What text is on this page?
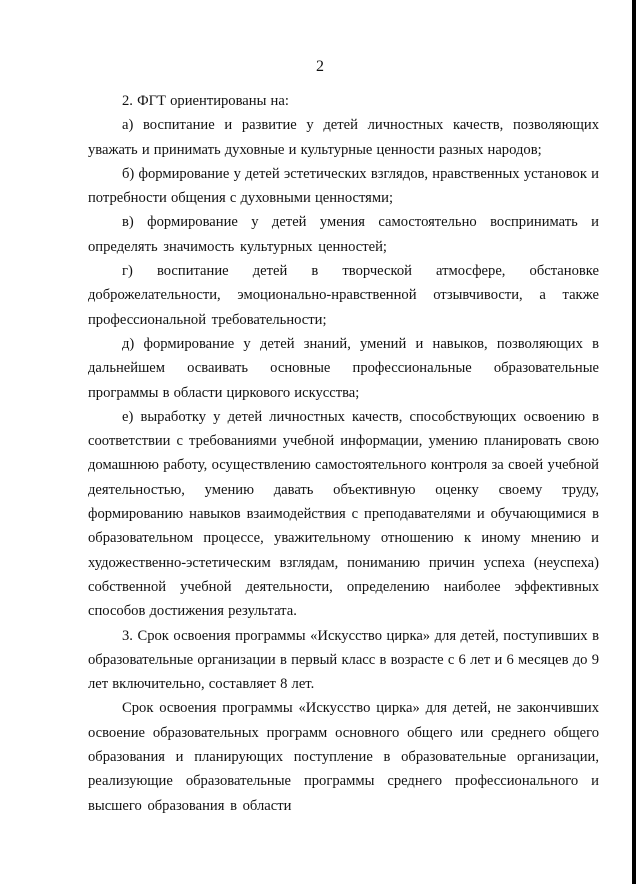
2

2. ФГТ ориентированы на:

а) воспитание и развитие у детей личностных качеств, позволяющих уважать и принимать духовные и культурные ценности разных народов;

б) формирование у детей эстетических взглядов, нравственных установок и потребности общения с духовными ценностями;

в) формирование у детей умения самостоятельно воспринимать и определять значимость культурных ценностей;

г) воспитание детей в творческой атмосфере, обстановке доброжелательности, эмоционально-нравственной отзывчивости, а также профессиональной требовательности;

д) формирование у детей знаний, умений и навыков, позволяющих в дальнейшем осваивать основные профессиональные образовательные программы в области циркового искусства;

е) выработку у детей личностных качеств, способствующих освоению в соответствии с требованиями учебной информации, умению планировать свою домашнюю работу, осуществлению самостоятельного контроля за своей учебной деятельностью, умению давать объективную оценку своему труду, формированию навыков взаимодействия с преподавателями и обучающимися в образовательном процессе, уважительному отношению к иному мнению и художественно-эстетическим взглядам, пониманию причин успеха (неуспеха) собственной учебной деятельности, определению наиболее эффективных способов достижения результата.

3. Срок освоения программы «Искусство цирка» для детей, поступивших в образовательные организации в первый класс в возрасте с 6 лет и 6 месяцев до 9 лет включительно, составляет 8 лет.

Срок освоения программы «Искусство цирка» для детей, не закончивших освоение образовательных программ основного общего или среднего общего образования и планирующих поступление в образовательные организации, реализующие образовательные программы среднего профессионального и высшего образования в области
